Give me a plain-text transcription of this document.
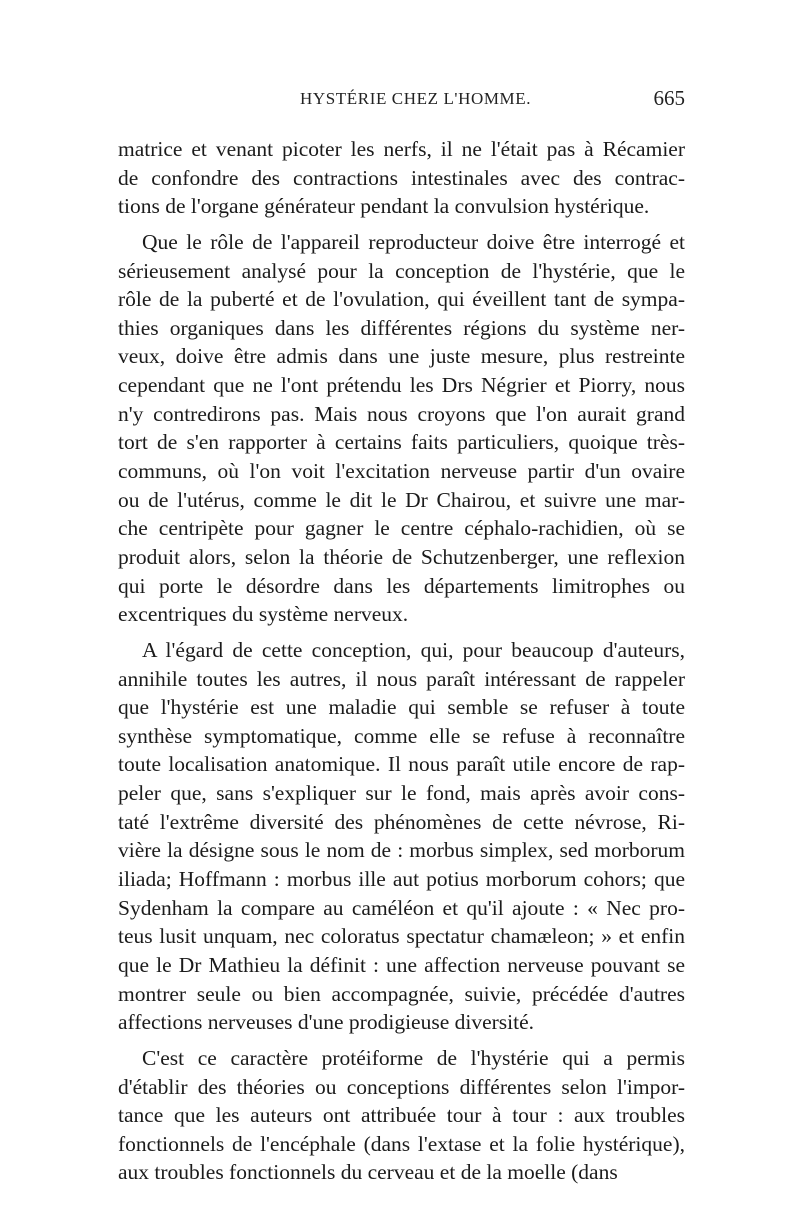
HYSTÉRIE CHEZ L'HOMME.	665
matrice et venant picoter les nerfs, il ne l'était pas à Récamier
de confondre des contractions intestinales avec des contrac-
tions de l'organe générateur pendant la convulsion hystérique.
Que le rôle de l'appareil reproducteur doive être interrogé et
sérieusement analysé pour la conception de l'hystérie, que le
rôle de la puberté et de l'ovulation, qui éveillent tant de sympa-
thies organiques dans les différentes régions du système ner-
veux, doive être admis dans une juste mesure, plus restreinte
cependant que ne l'ont prétendu les Drs Négrier et Piorry, nous
n'y contredirons pas. Mais nous croyons que l'on aurait grand
tort de s'en rapporter à certains faits particuliers, quoique très-
communs, où l'on voit l'excitation nerveuse partir d'un ovaire
ou de l'utérus, comme le dit le Dr Chairou, et suivre une mar-
che centripète pour gagner le centre céphalo-rachidien, où se
produit alors, selon la théorie de Schutzenberger, une reflexion
qui porte le désordre dans les départements limitrophes ou
excentriques du système nerveux.
A l'égard de cette conception, qui, pour beaucoup d'auteurs,
annihile toutes les autres, il nous paraît intéressant de rappeler
que l'hystérie est une maladie qui semble se refuser à toute
synthèse symptomatique, comme elle se refuse à reconnaître
toute localisation anatomique. Il nous paraît utile encore de rap-
peler que, sans s'expliquer sur le fond, mais après avoir cons-
taté l'extrême diversité des phénomènes de cette névrose, Ri-
vière la désigne sous le nom de : morbus simplex, sed morborum
iliada; Hoffmann : morbus ille aut potius morborum cohors; que
Sydenham la compare au caméléon et qu'il ajoute : « Nec pro-
teus lusit unquam, nec coloratus spectatur chamæleon; » et enfin
que le Dr Mathieu la définit : une affection nerveuse pouvant se
montrer seule ou bien accompagnée, suivie, précédée d'autres
affections nerveuses d'une prodigieuse diversité.
C'est ce caractère protéiforme de l'hystérie qui a permis
d'établir des théories ou conceptions différentes selon l'impor-
tance que les auteurs ont attribuée tour à tour : aux troubles
fonctionnels de l'encéphale (dans l'extase et la folie hystérique),
aux troubles fonctionnels du cerveau et de la moelle (dans
